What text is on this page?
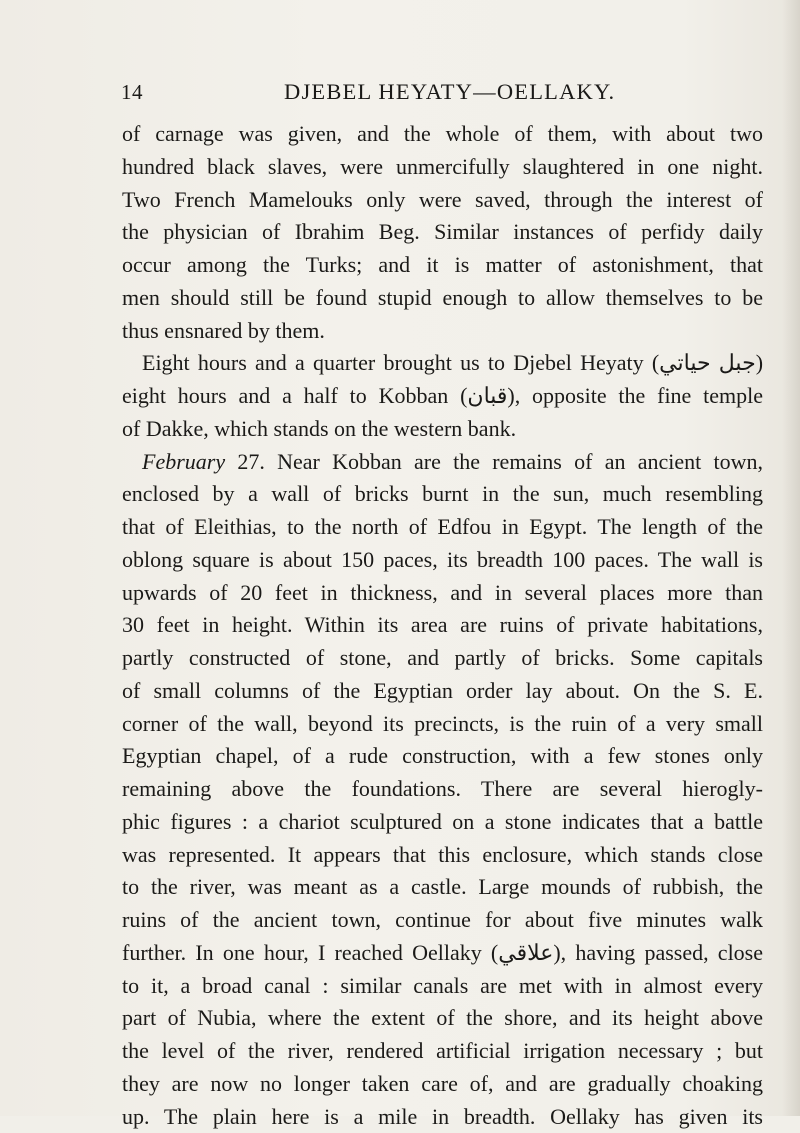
14	DJEBEL HEYATY—OELLAKY.
of carnage was given, and the whole of them, with about two
hundred black slaves, were unmercifully slaughtered in one night.
Two French Mamelouks only were saved, through the interest of
the physician of Ibrahim Beg. Similar instances of perfidy daily
occur among the Turks; and it is matter of astonishment, that
men should still be found stupid enough to allow themselves to be
thus ensnared by them.
Eight hours and a quarter brought us to Djebel Heyaty (جبل حياتي)
eight hours and a half to Kobban (قبان), opposite the fine temple
of Dakke, which stands on the western bank.
February 27. Near Kobban are the remains of an ancient town,
enclosed by a wall of bricks burnt in the sun, much resembling
that of Eleithias, to the north of Edfou in Egypt. The length of the
oblong square is about 150 paces, its breadth 100 paces. The wall is
upwards of 20 feet in thickness, and in several places more than
30 feet in height. Within its area are ruins of private habitations,
partly constructed of stone, and partly of bricks. Some capitals
of small columns of the Egyptian order lay about. On the S. E.
corner of the wall, beyond its precincts, is the ruin of a very small
Egyptian chapel, of a rude construction, with a few stones only
remaining above the foundations. There are several hierogly-
phic figures : a chariot sculptured on a stone indicates that a battle
was represented. It appears that this enclosure, which stands close
to the river, was meant as a castle. Large mounds of rubbish, the
ruins of the ancient town, continue for about five minutes walk
further. In one hour, I reached Oellaky (علاقي), having passed, close
to it, a broad canal : similar canals are met with in almost every
part of Nubia, where the extent of the shore, and its height above
the level of the river, rendered artificial irrigation necessary ; but
they are now no longer taken care of, and are gradually choaking
up. The plain here is a mile in breadth. Oellaky has given its
